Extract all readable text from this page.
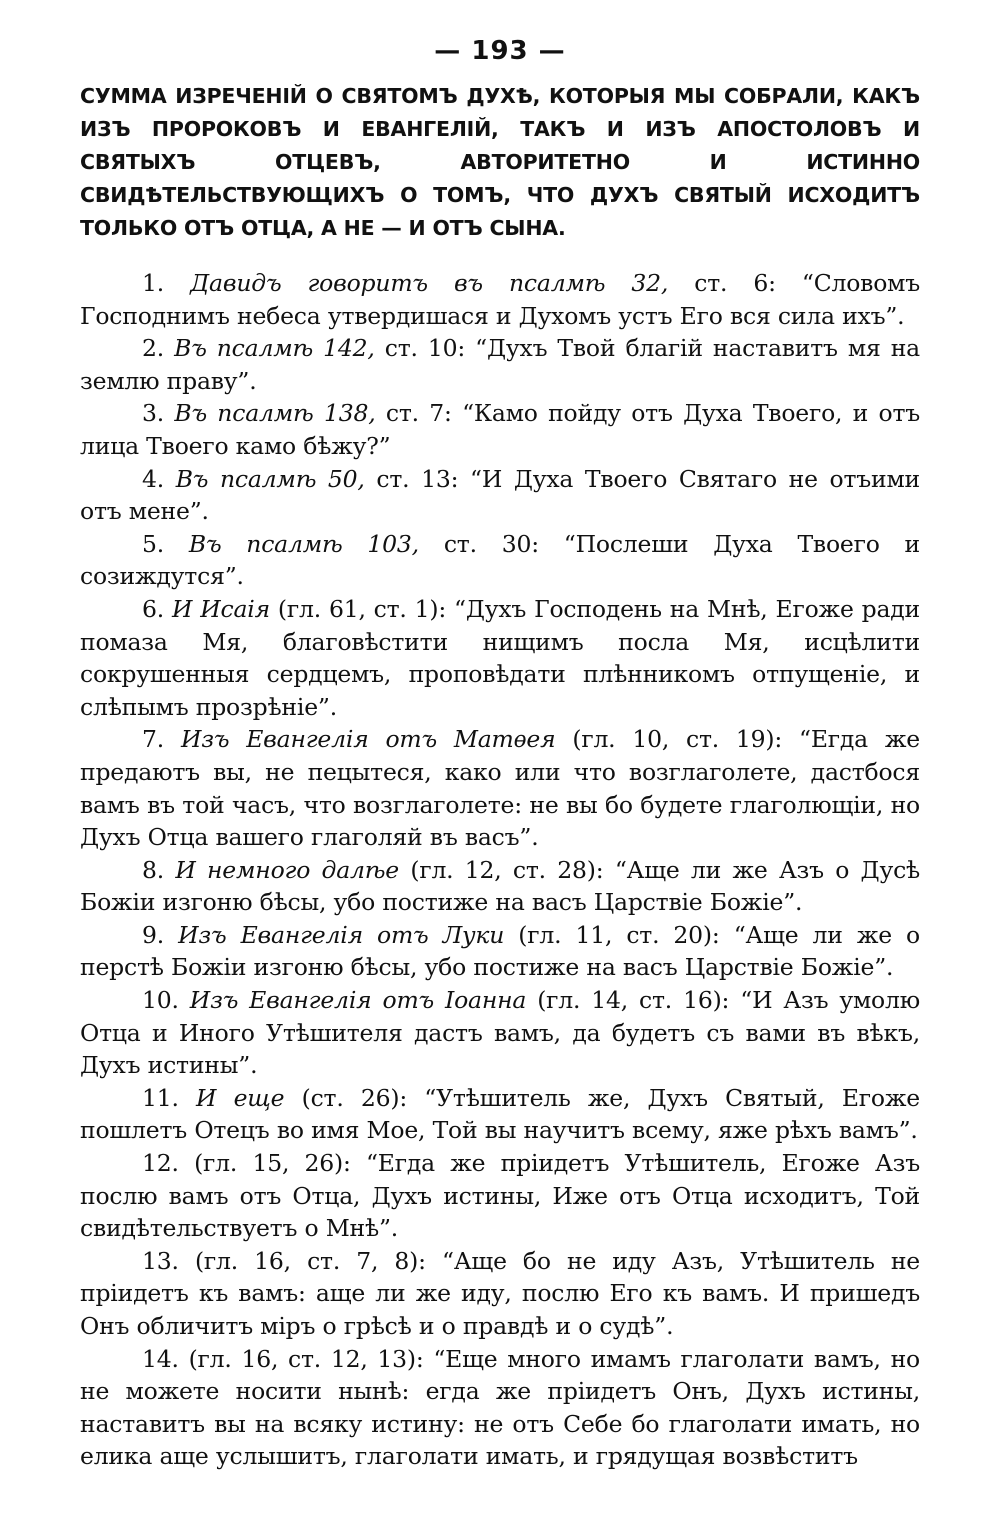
— 193 —

СУММА ИЗРЕЧЕНІЙ О СВЯТОМЪ ДУХѢ, КОТОРЫЯ МЫ СОБРАЛИ, КАКЪ ИЗЪ ПРОРОКОВЪ И ЕВАНГЕЛІЙ, ТАКЪ И ИЗЪ АПОСТОЛОВЪ И СВЯТЫХЪ ОТЦЕВЪ, АВТОРИТЕТНО И ИСТИННО СВИДѢТЕЛЬСТВУЮЩИХЪ О ТОМЪ, ЧТО ДУХЪ СВЯТЫЙ ИСХОДИТЪ ТОЛЬКО ОТЪ ОТЦА, А НЕ — И ОТЪ СЫНА.

1. Давидъ говоритъ въ псалмѣ 32, ст. 6: “Словомъ Господнимъ небеса утвердишася и Духомъ устъ Его вся сила ихъ”.

2. Въ псалмѣ 142, ст. 10: “Духъ Твой благій наставитъ мя на землю праву”.

3. Въ псалмѣ 138, ст. 7: “Камо пойду отъ Духа Твоего, и отъ лица Твоего камо бѣжу?”

4. Въ псалмѣ 50, ст. 13: “И Духа Твоего Святаго не отъими отъ мене”.

5. Въ псалмѣ 103, ст. 30: “Послеши Духа Твоего и созиждутся”.

6. И Исаія (гл. 61, ст. 1): “Духъ Господень на Мнѣ, Егоже ради помаза Мя, благовѣстити нищимъ посла Мя, исцѣлити сокрушенныя сердцемъ, проповѣдати плѣнникомъ отпущеніе, и слѣпымъ прозрѣніе”.

7. Изъ Евангелія отъ Матѳея (гл. 10, ст. 19): “Егда же предаютъ вы, не пецытеся, како или что возглаголете, дастбося вамъ въ той часъ, что возглаголете: не вы бо будете глаголющіи, но Духъ Отца вашего глаголяй въ васъ”.

8. И немного далѣе (гл. 12, ст. 28): “Аще ли же Азъ о Дусѣ Божіи изгоню бѣсы, убо постиже на васъ Царствіе Божіе”.

9. Изъ Евангелія отъ Луки (гл. 11, ст. 20): “Аще ли же о перстѣ Божіи изгоню бѣсы, убо постиже на васъ Царствіе Божіе”.

10. Изъ Евангелія отъ Іоанна (гл. 14, ст. 16): “И Азъ умолю Отца и Иного Утѣшителя дастъ вамъ, да будетъ съ вами въ вѣкъ, Духъ истины”.

11. И еще (ст. 26): “Утѣшитель же, Духъ Святый, Егоже пошлетъ Отецъ во имя Мое, Той вы научитъ всему, яже рѣхъ вамъ”.

12. (гл. 15, 26): “Егда же пріидетъ Утѣшитель, Егоже Азъ послю вамъ отъ Отца, Духъ истины, Иже отъ Отца исходитъ, Той свидѣтельствуетъ о Мнѣ”.

13. (гл. 16, ст. 7, 8): “Аще бо не иду Азъ, Утѣшитель не пріидетъ къ вамъ: аще ли же иду, послю Его къ вамъ. И пришедъ Онъ обличитъ міръ о грѣсѣ и о правдѣ и о судѣ”.

14. (гл. 16, ст. 12, 13): “Еще много имамъ глаголати вамъ, но не можете носити нынѣ: егда же пріидетъ Онъ, Духъ истины, наставитъ вы на всяку истину: не отъ Себе бо глаголати имать, но елика аще услышитъ, глаголати имать, и грядущая возвѣститъ
